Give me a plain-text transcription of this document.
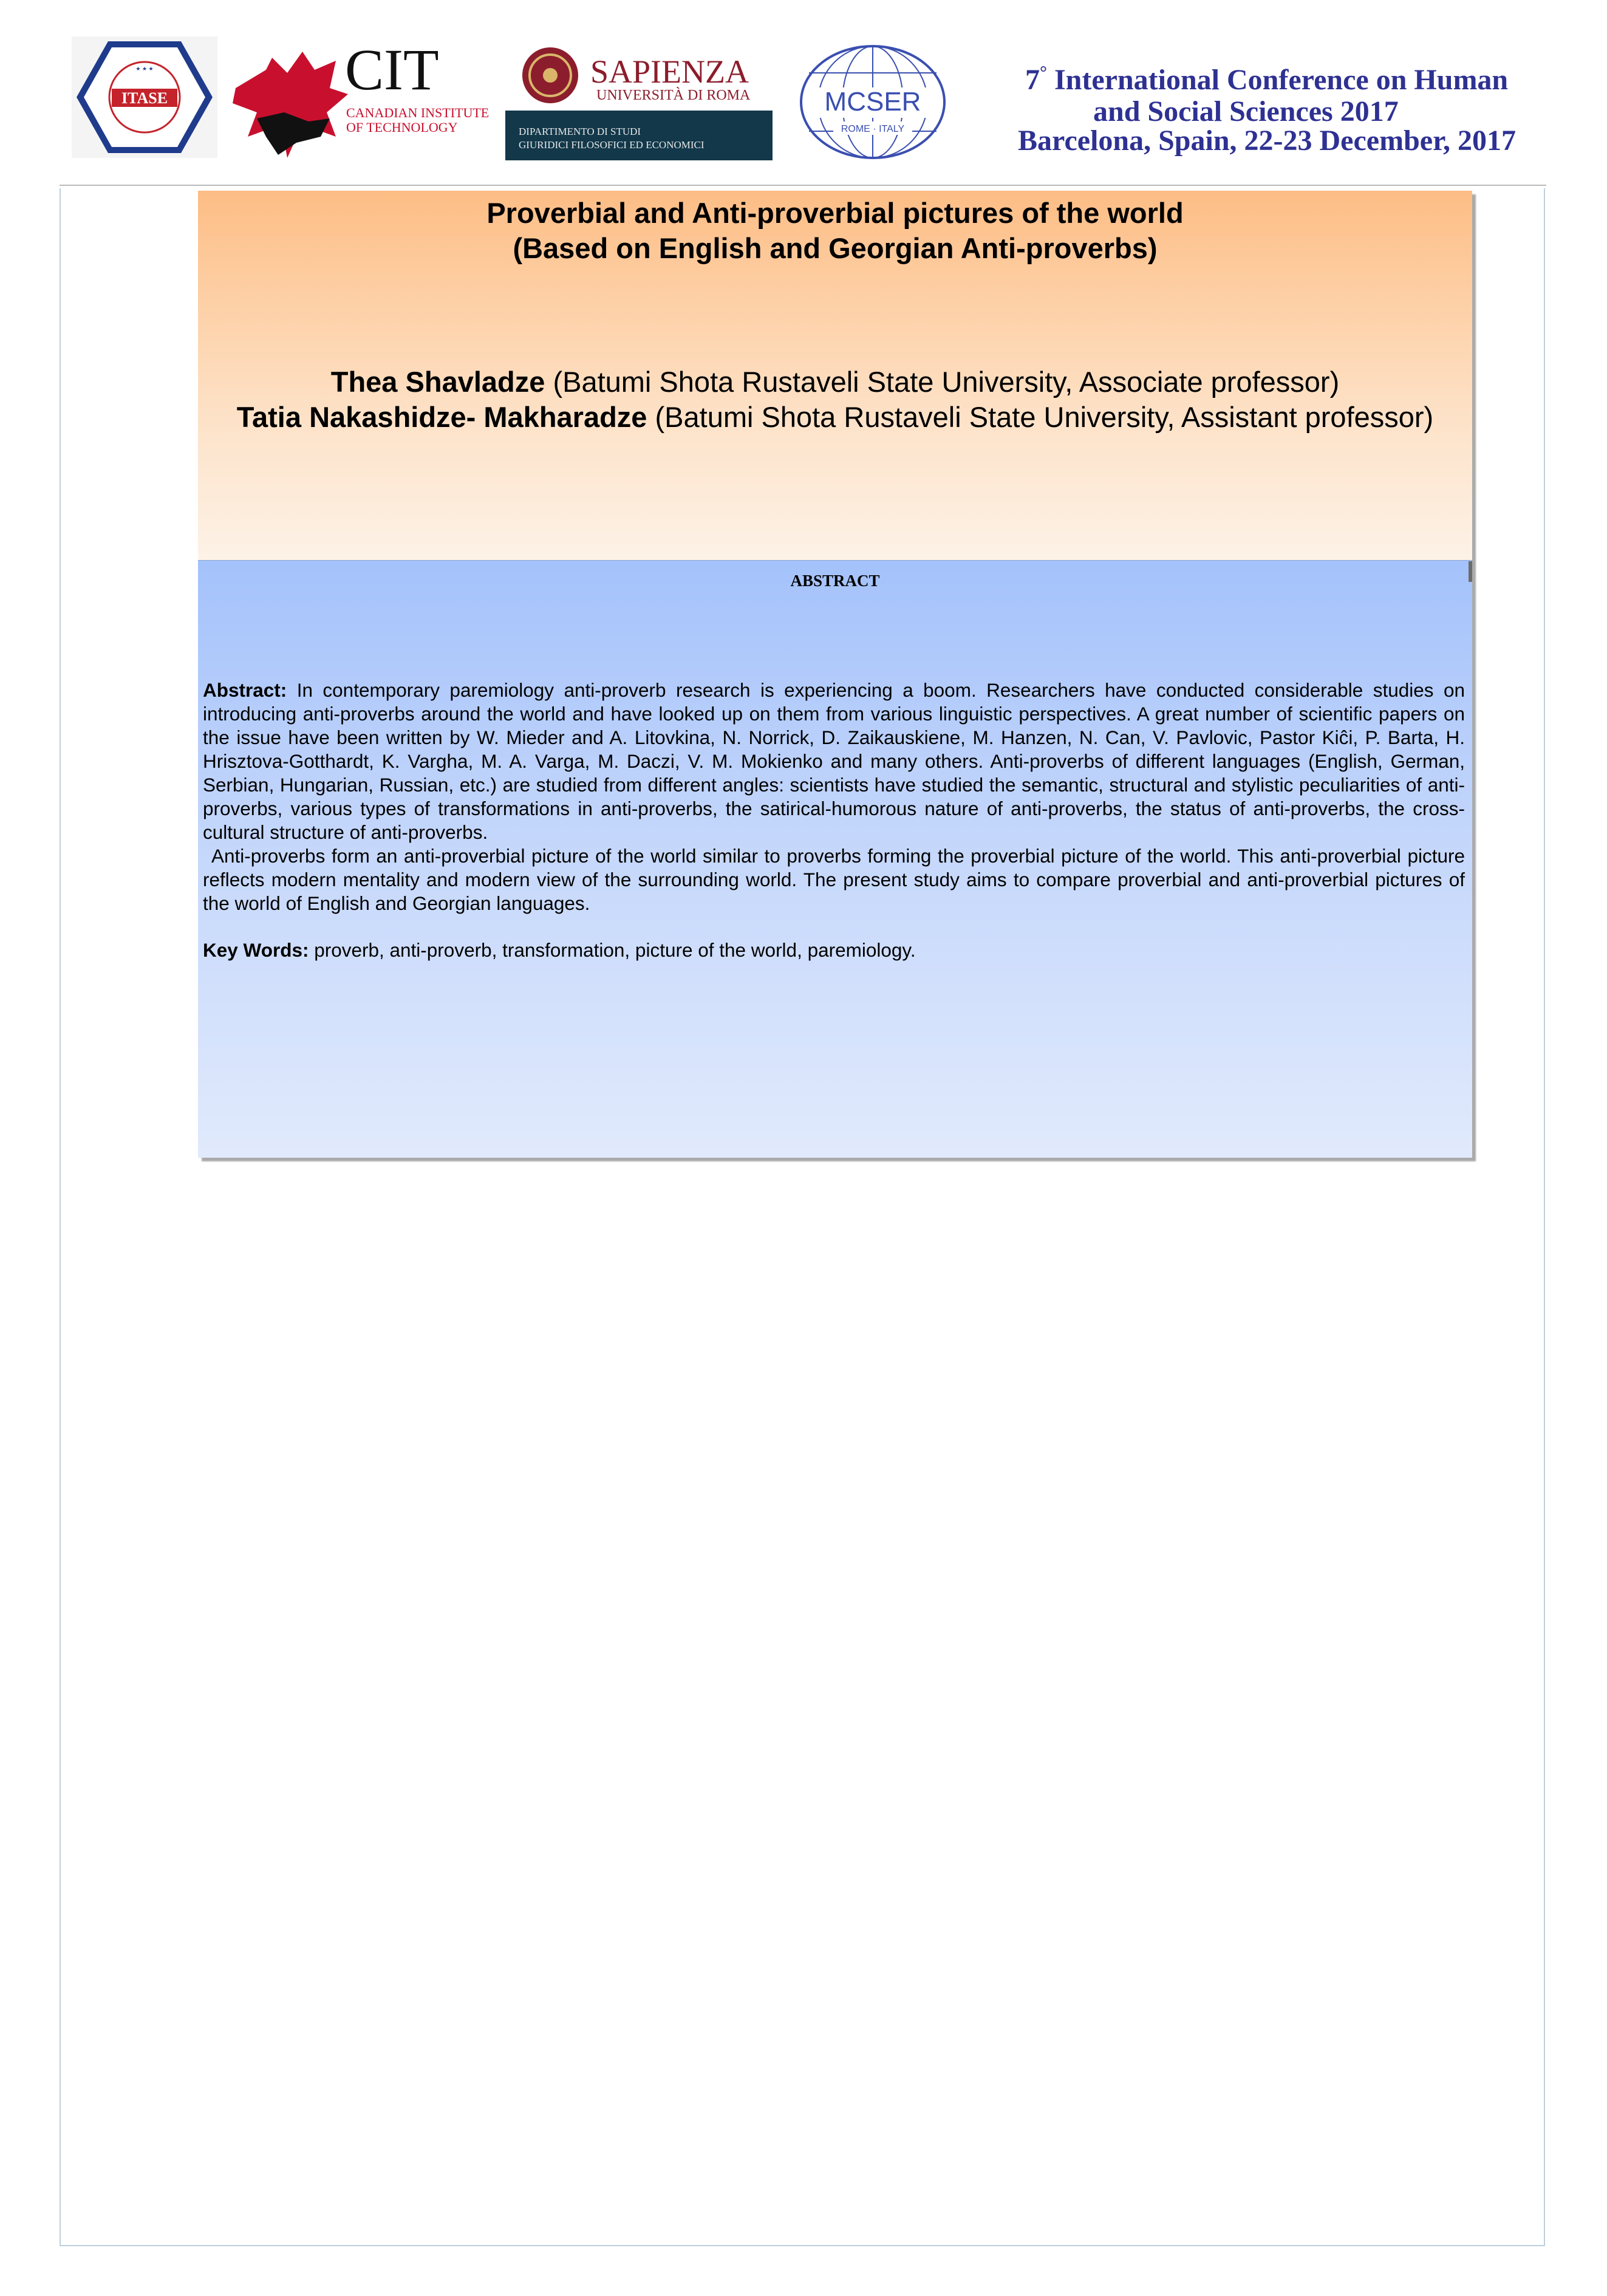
ITASE
★ ★ ★	CIT
CANADIAN INSTITUTE
OF TECHNOLOGY
SAPIENZA
UNIVERSITÀ DI ROMA
DIPARTIMENTO DI STUDI
GIURIDICI FILOSOFICI ED ECONOMICI
MCSER
ROME · ITALY
7° International Conference on Human
and Social Sciences 2017
Barcelona, Spain, 22-23 December, 2017
Proverbial and Anti-proverbial pictures of the world
(Based on English and Georgian Anti-proverbs)
Thea Shavladze (Batumi Shota Rustaveli State University, Associate professor)
Tatia Nakashidze- Makharadze (Batumi Shota Rustaveli State University, Assistant professor)
ABSTRACT

Abstract: In contemporary paremiology anti-proverb research is experiencing a boom. Researchers have conducted considerable studies on introducing anti-proverbs around the world and have looked up on them from various linguistic perspectives. A great number of scientific papers on the issue have been written by W. Mieder and A. Litovkina, N. Norrick, D. Zaikauskiene, M. Hanzen, N. Can, V. Pavlovic, Pastor Kiĉi, P. Barta, H. Hrisztova-Gotthardt, K. Vargha, M. A. Varga, M. Daczi, V. M. Mokienko and many others. Anti-proverbs of different languages (English, German, Serbian, Hungarian, Russian, etc.) are studied from different angles: scientists have studied the semantic, structural and stylistic peculiarities of anti-proverbs, various types of transformations in anti-proverbs, the satirical-humorous nature of anti-proverbs, the status of anti-proverbs, the cross-cultural structure of anti-proverbs.

Anti-proverbs form an anti-proverbial picture of the world similar to proverbs forming the proverbial picture of the world. This anti-proverbial picture reflects modern mentality and modern view of the surrounding world. The present study aims to compare proverbial and anti-proverbial pictures of the world of English and Georgian languages.

Key Words: proverb, anti-proverb, transformation, picture of the world, paremiology.
